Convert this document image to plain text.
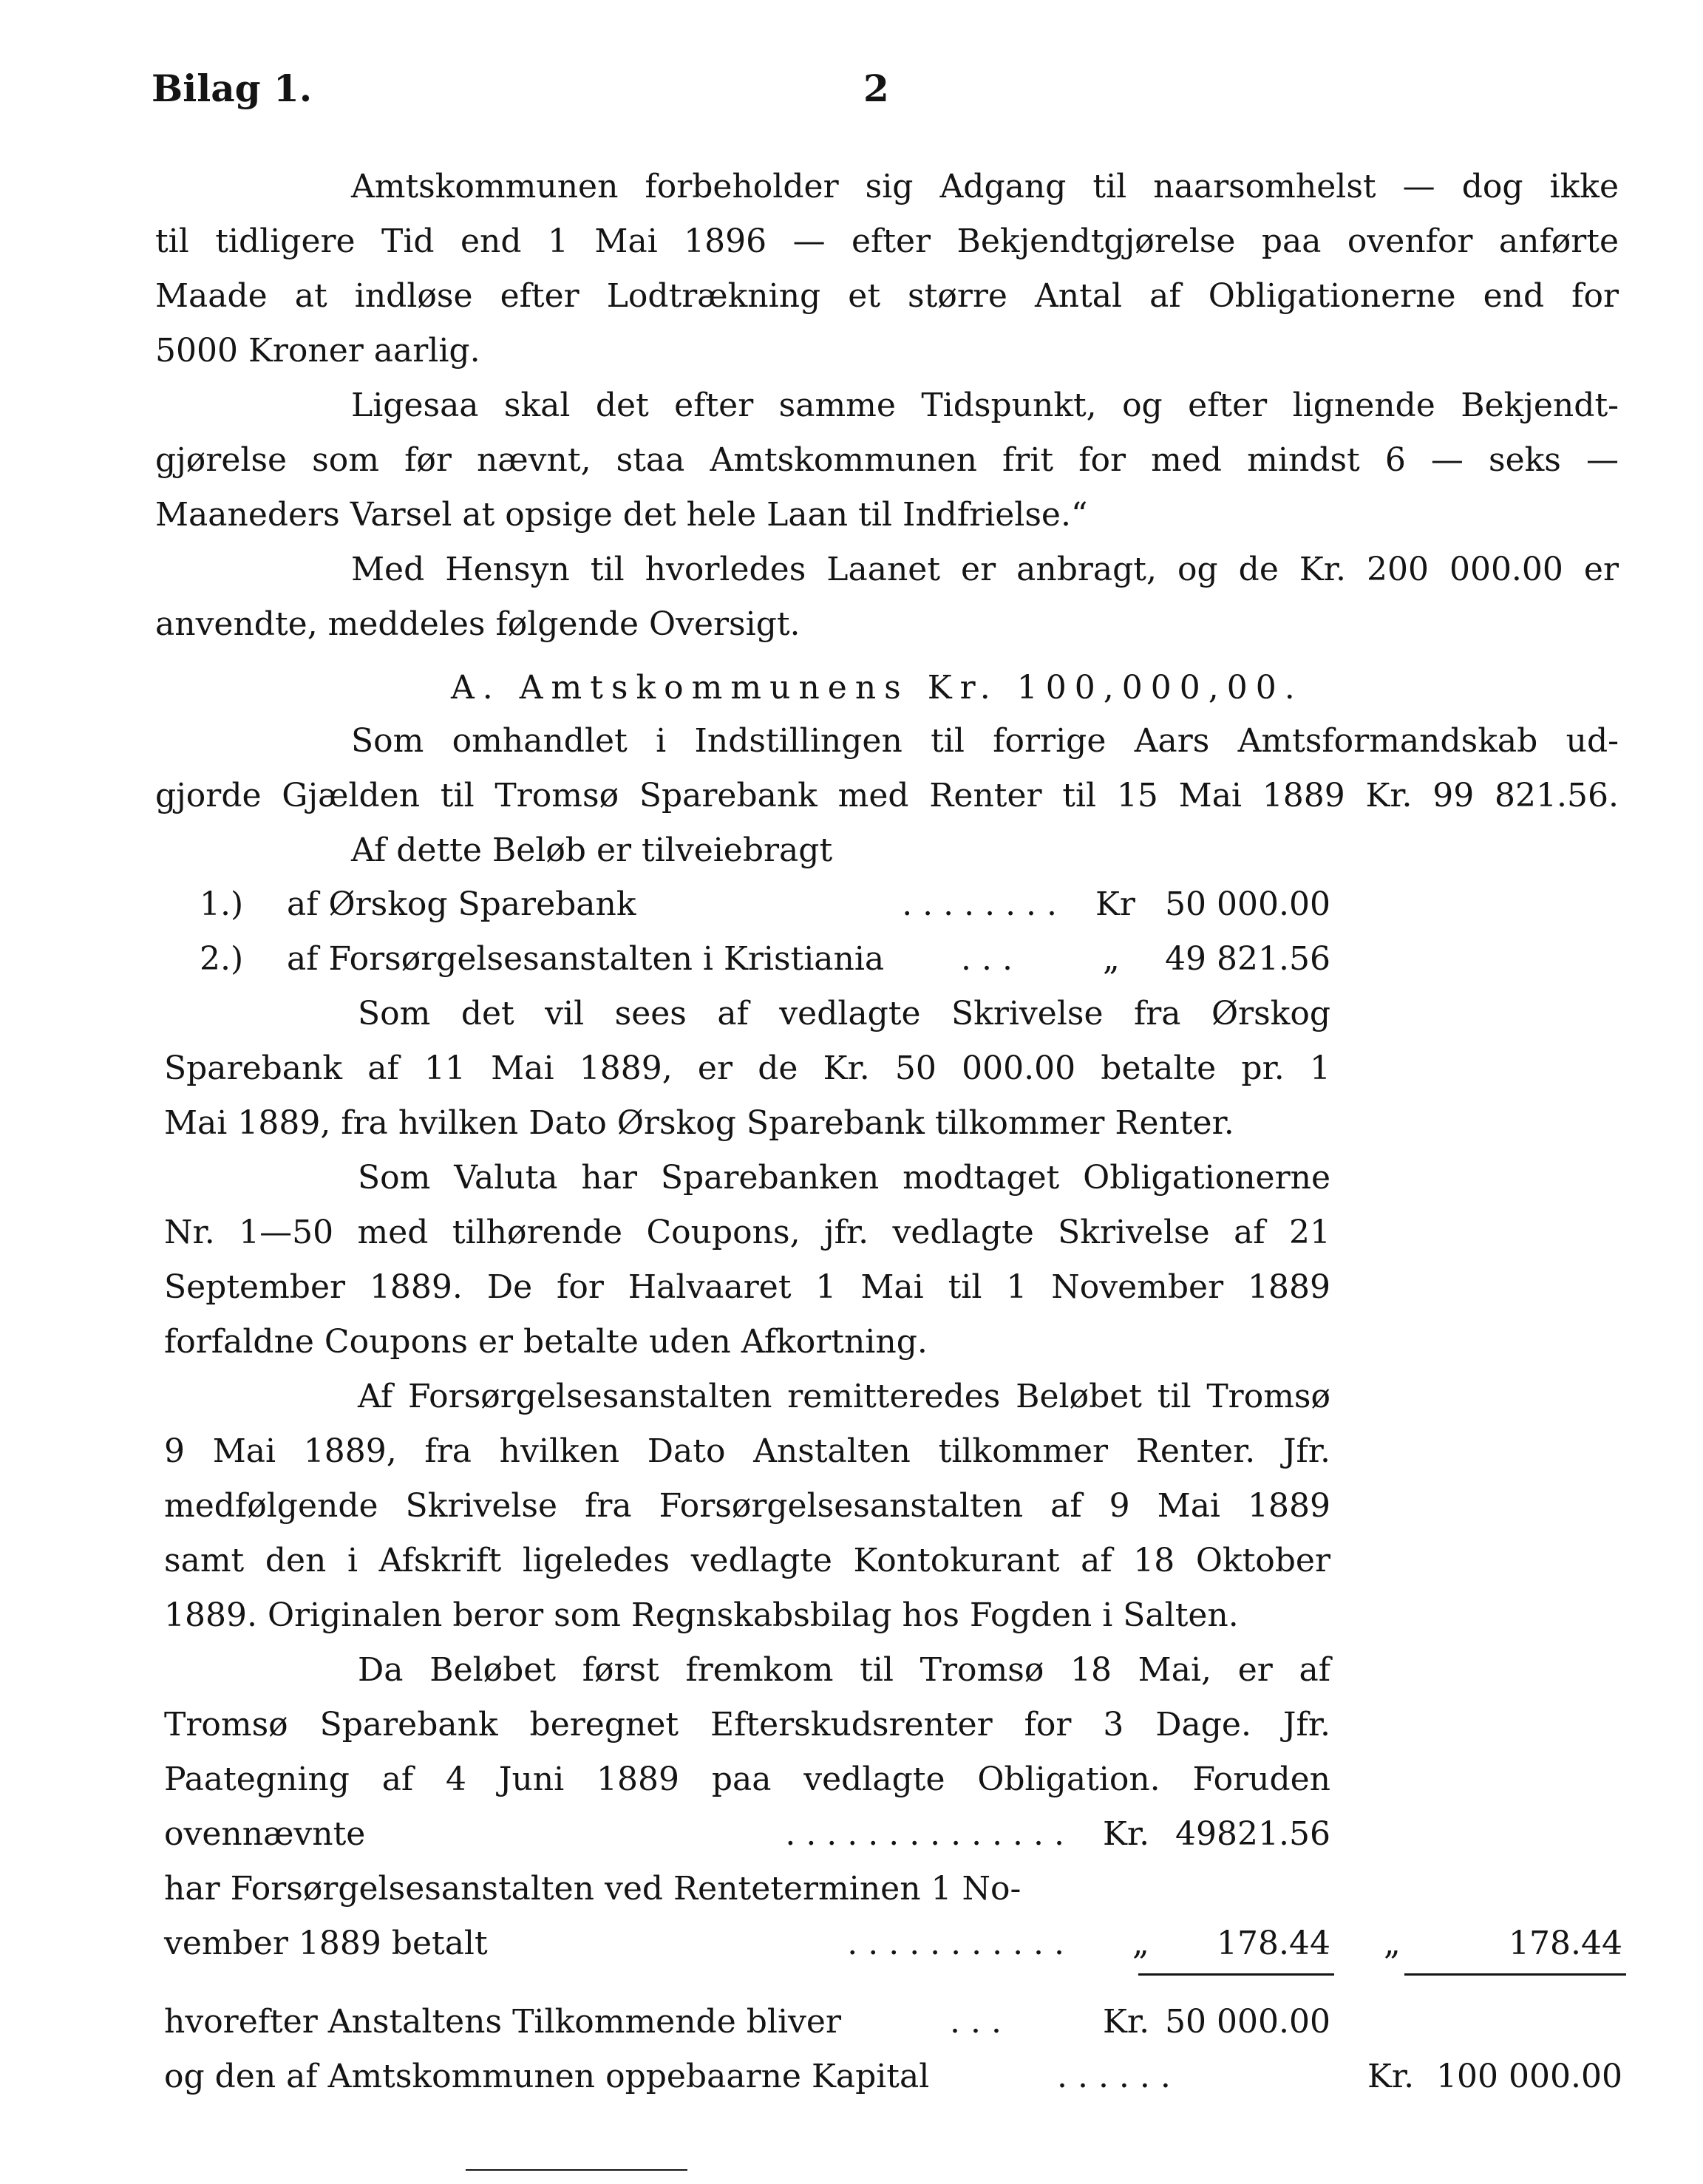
Bilag 1.	2
Amtskommunen forbeholder sig Adgang til naarsomhelst — dog ikke
til tidligere Tid end 1 Mai 1896 — efter Bekjendtgjørelse paa ovenfor anførte
Maade at indløse efter Lodtrækning et større Antal af Obligationerne end for
5000 Kroner aarlig.
Ligesaa skal det efter samme Tidspunkt, og efter lignende Bekjendt-
gjørelse som før nævnt, staa Amtskommunen frit for med mindst 6 — seks —
Maaneders Varsel at opsige det hele Laan til Indfrielse.“
Med Hensyn til hvorledes Laanet er anbragt, og de Kr. 200 000.00 er
anvendte, meddeles følgende Oversigt.
A. Amtskommunens Kr. 100,000,00.
Som omhandlet i Indstillingen til forrige Aars Amtsformandskab ud-
gjorde Gjælden til Tromsø Sparebank med Renter til 15 Mai 1889 Kr. 99 821.56.
Af dette Beløb er tilveiebragt
1.) af Ørskog Sparebank	. . . . . . . . Kr 50 000.00
2.) af Forsørgelsesanstalten i Kristiania . . .	„	49 821.56
Som det vil sees af vedlagte Skrivelse fra Ørskog
Sparebank af 11 Mai 1889, er de Kr. 50 000.00 betalte pr. 1
Mai 1889, fra hvilken Dato Ørskog Sparebank tilkommer Renter.
Som Valuta har Sparebanken modtaget Obligationerne
Nr. 1—50 med tilhørende Coupons, jfr. vedlagte Skrivelse af 21
September 1889. De for Halvaaret 1 Mai til 1 November 1889
forfaldne Coupons er betalte uden Afkortning.
Af Forsørgelsesanstalten remitteredes Beløbet til Tromsø
9 Mai 1889, fra hvilken Dato Anstalten tilkommer Renter. Jfr.
medfølgende Skrivelse fra Forsørgelsesanstalten af 9 Mai 1889
samt den i Afskrift ligeledes vedlagte Kontokurant af 18 Oktober
1889. Originalen beror som Regnskabsbilag hos Fogden i Salten.
Da Beløbet først fremkom til Tromsø 18 Mai, er af
Tromsø Sparebank beregnet Efterskudsrenter for 3 Dage. Jfr.
Paategning af 4 Juni 1889 paa vedlagte Obligation. Foruden
ovennævnte	. . . . . . . . . . . . . . Kr. 49821.56
har Forsørgelsesanstalten ved Renteterminen 1 No-
vember 1889 betalt	. . . . . . . . . . . „	178.44 „	178.44
hvorefter Anstaltens Tilkommende bliver	. . .	Kr. 50 000.00
og den af Amtskommunen oppebaarne Kapital	. . . . . .	Kr. 100 000.00
